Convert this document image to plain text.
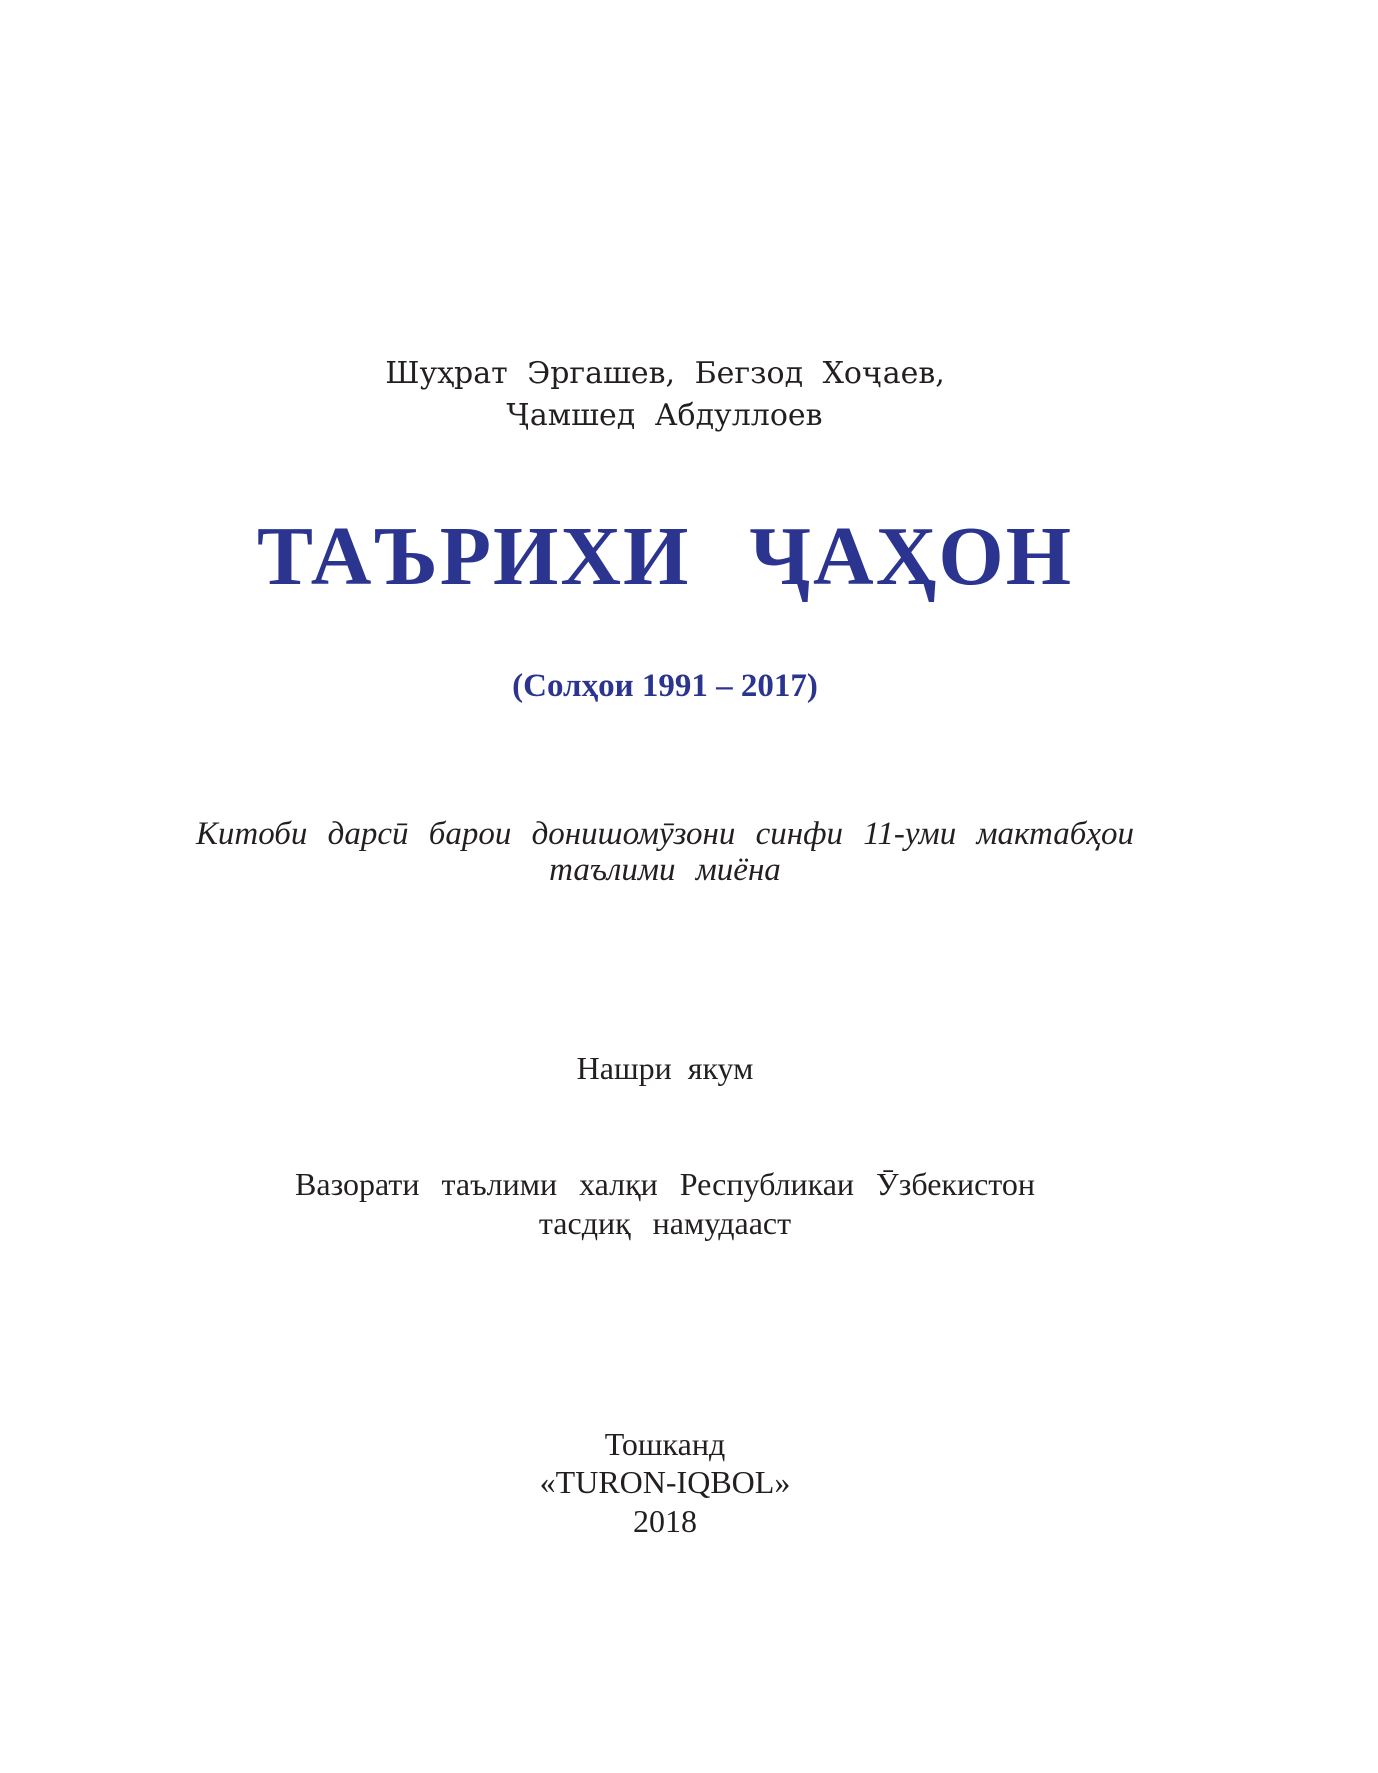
Шуҳрат Эргашев, Бегзод Хоҷаев,
Ҷамшед Абдуллоев
ТАЪРИХИ ҶАҲОН
(Солҳои 1991 – 2017)
Китоби дарсӣ барои донишомӯзони синфи 11-уми мактабҳои
таълими миёна
Нашри якум
Вазорати таълими халқи Республикаи Ӯзбекистон
тасдиқ намудааст
Тошканд
«TURON-IQBOL»
2018
